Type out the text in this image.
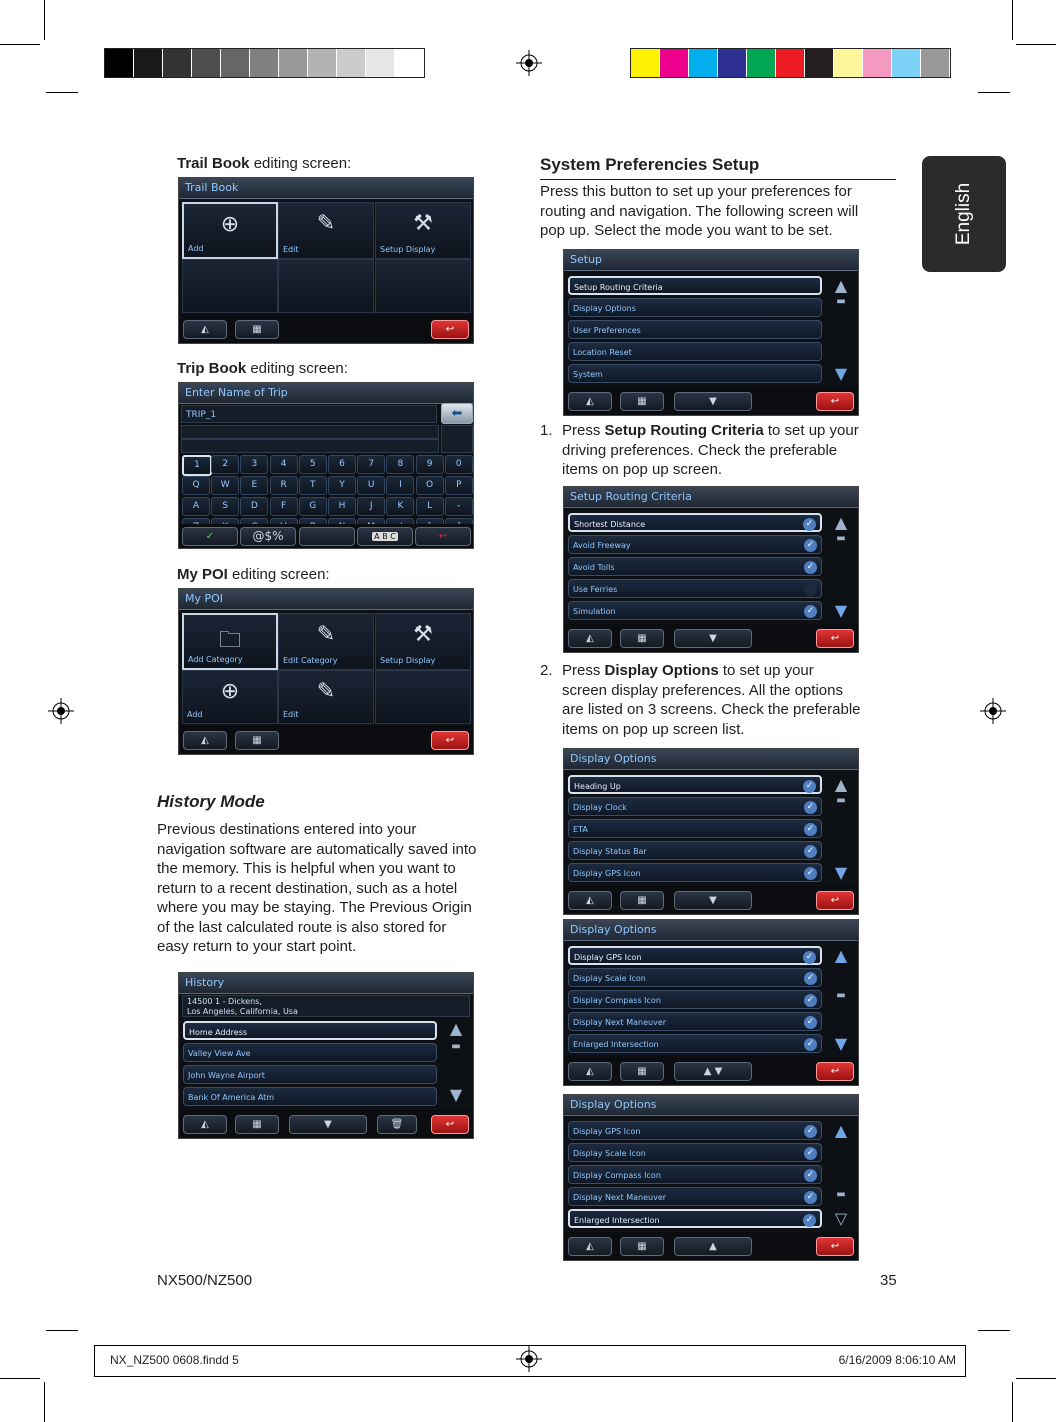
English
Trail Book editing screen:
Trail Book
⊕
Add
✎
Edit
⚒
Setup Display
◭	▦	↩
Trip Book editing screen:
Enter Name of Trip
TRIP_1	⬅
1	2	3	4	5	6	7	8	9	0
Q	W	E	R	T	Y	U	I	O	P
A	S	D	F	G	H	J	K	L	-
✓	@$%	A B C	↩
My POI editing screen:
My POI
🗀
Add Category
✎
Edit Category
⚒
Setup Display
⊕
Add
✎
Edit
◭	▦	↩
History Mode
Previous destinations entered into your
navigation software are automatically saved into
the memory. This is helpful when you want to
return to a recent destination, such as a hotel
where you may be staying. The Previous Origin
of the last calculated route is also stored for
easy return to your start point.
History
14500 1 - Dickens,
Los Angeles, California, Usa
Home Address
Valley View Ave
John Wayne Airport
Bank Of America Atm
▲
▬
▼
◭	▦	▼	🗑	↩
System Preferencies Setup
Press this button to set up your preferences for
routing and navigation. The following screen will
pop up. Select the mode you want to be set.
Setup
Setup Routing Criteria
Display Options
User Preferences
Location Reset
System
▲
▬
▼
◭	▦	▼	↩
1. Press Setup Routing Criteria to set up your
driving preferences. Check the preferable
items on pop up screen.
Setup Routing Criteria
Shortest Distance	✓
Avoid Freeway	✓
Avoid Tolls	✓
Use Ferries	✓
Simulation	✓
▲
▬
▼
◭	▦	▼	↩
2. Press Display Options to set up your
screen display preferences. All the options
are listed on 3 screens. Check the preferable
items on pop up screen list.
Display Options
Heading Up	✓
Display Clock	✓
ETA	✓
Display Status Bar	✓
Display GPS Icon	✓
▲
▬
▼
◭	▦	▼	↩
Display Options
Display GPS Icon	✓
Display Scale Icon	✓
Display Compass Icon	✓
Display Next Maneuver	✓
Enlarged Intersection	✓
▲
▬
▼
◭	▦	▲ ▼	↩
Display Options
Display GPS Icon	✓
Display Scale Icon	✓
Display Compass Icon	✓
Display Next Maneuver	✓
Enlarged Intersection	✓
▲
▬
▽
◭	▦	▲	↩
NX500/NZ500	35
NX_NZ500 0608.findd 5	6/16/2009 8:06:10 AM
